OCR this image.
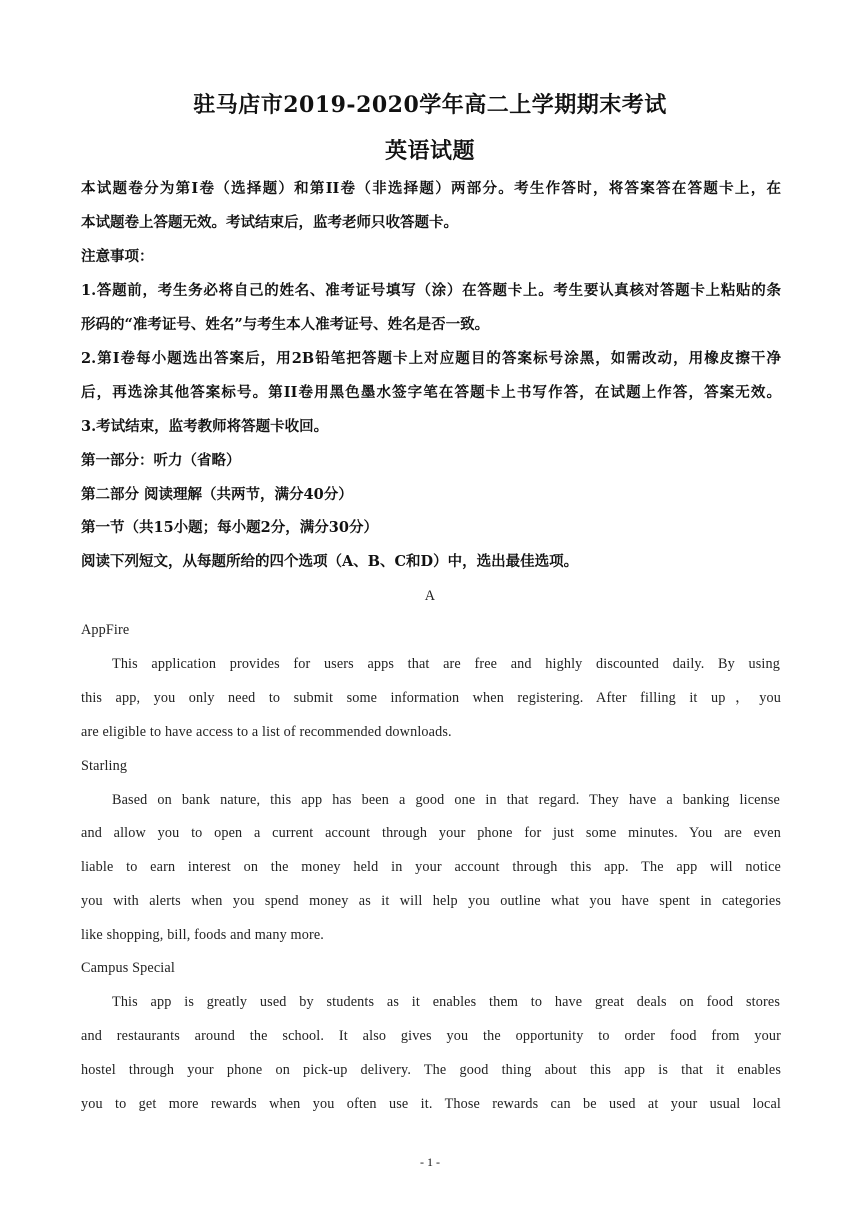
驻马店市2019-2020学年高二上学期期末考试
英语试题
本试题卷分为第I卷（选择题）和第II卷（非选择题）两部分。考生作答时，将答案答在答题卡上，在
本试题卷上答题无效。考试结束后，监考老师只收答题卡。
注意事项：
1.答题前，考生务必将自己的姓名、准考证号填写（涂）在答题卡上。考生要认真核对答题卡上粘贴的条
形码的“准考证号、姓名”与考生本人准考证号、姓名是否一致。
2.第I卷每小题选出答案后，用2B铅笔把答题卡上对应题目的答案标号涂黑，如需改动，用橡皮擦干净
后，再选涂其他答案标号。第II卷用黑色墨水签字笔在答题卡上书写作答，在试题上作答，答案无效。
3.考试结束，监考教师将答题卡收回。
第一部分：听力（省略）
第二部分 阅读理解（共两节，满分40分）
第一节（共15小题；每小题2分，满分30分）
阅读下列短文，从每题所给的四个选项（A、B、C和D）中，选出最佳选项。
A
AppFire
This application provides for users apps that are free and highly discounted daily. By using
this app, you only need to submit some information when registering. After filling it up，you
are eligible to have access to a list of recommended downloads.
Starling
Based on bank nature, this app has been a good one in that regard. They have a banking license
and allow you to open a current account through your phone for just some minutes. You are even
liable to earn interest on the money held in your account through this app. The app will notice
you with alerts when you spend money as it will help you outline what you have spent in categories
like shopping, bill, foods and many more.
Campus Special
This app is greatly used by students as it enables them to have great deals on food stores
and restaurants around the school. It also gives you the opportunity to order food from your
hostel through your phone on pick-up delivery. The good thing about this app is that it enables
you to get more rewards when you often use it. Those rewards can be used at your usual local
- 1 -
